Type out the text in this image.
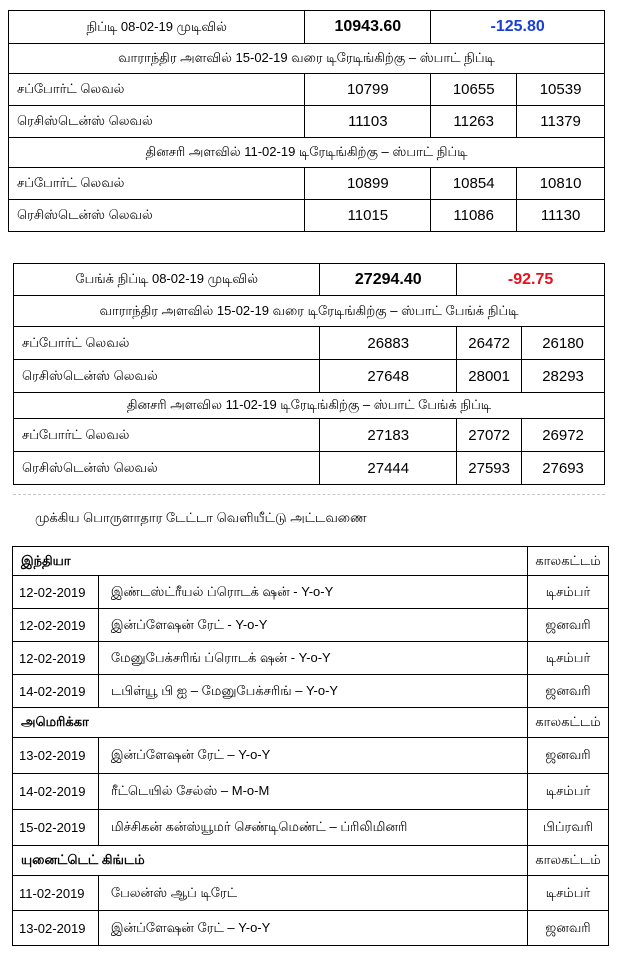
நிப்டி 08-02-19 முடிவில்	10943.60	-125.80	
வாராந்திர அளவில் 15-02-19 வரை டிரேடிங்கிற்கு – ஸ்பாட் நிப்டி			
சப்போர்ட் லெவல்	10799	10655	10539
ரெசிஸ்டென்ஸ் லெவல்	11103	11263	11379
தினசரி அளவில் 11-02-19 டிரேடிங்கிற்கு – ஸ்பாட் நிப்டி			
சப்போர்ட் லெவல்	10899	10854	10810
ரெசிஸ்டென்ஸ் லெவல்	11015	11086	11130
பேங்க் நிப்டி 08-02-19 முடிவில்	27294.40	-92.75	
வாராந்திர அளவில் 15-02-19 வரை டிரேடிங்கிற்கு – ஸ்பாட் பேங்க் நிப்டி			
சப்போர்ட் லெவல்	26883	26472	26180
ரெசிஸ்டென்ஸ் லெவல்	27648	28001	28293
தினசரி அளவில 11-02-19 டிரேடிங்கிற்கு – ஸ்பாட் பேங்க் நிப்டி			
சப்போர்ட் லெவல்	27183	27072	26972
ரெசிஸ்டென்ஸ் லெவல்	27444	27593	27693
முக்கிய பொருளாதார டேட்டா வெளியீட்டு அட்டவணை
இந்தியா		காலகட்டம்
12-02-2019	இண்டஸ்ட்ரீயல் ப்ரொடக் ஷன் - Y-o-Y	டிசம்பர்
12-02-2019	இன்ப்ளேஷன் ரேட் - Y-o-Y	ஜனவரி
12-02-2019	மேனுபேக்சரிங் ப்ரொடக் ஷன் - Y-o-Y	டிசம்பர்
14-02-2019	டபிள்யூ பி ஐ – மேனுபேக்சரிங் – Y-o-Y	ஜனவரி
அமெரிக்கா		காலகட்டம்
13-02-2019	இன்ப்ளேஷன் ரேட் – Y-o-Y	ஜனவரி
14-02-2019	ரீட்டெயில் சேல்ஸ் – M-o-M	டிசம்பர்
15-02-2019	மிச்சிகன் கன்ஸ்யூமர் செண்டிமெண்ட் – ப்ரிலிமினரி	பிப்ரவரி
யுனைட்டெட் கிங்டம்		காலகட்டம்
11-02-2019	பேலன்ஸ் ஆப் டிரேட்	டிசம்பர்
13-02-2019	இன்ப்ளேஷன் ரேட் – Y-o-Y	ஜனவரி
